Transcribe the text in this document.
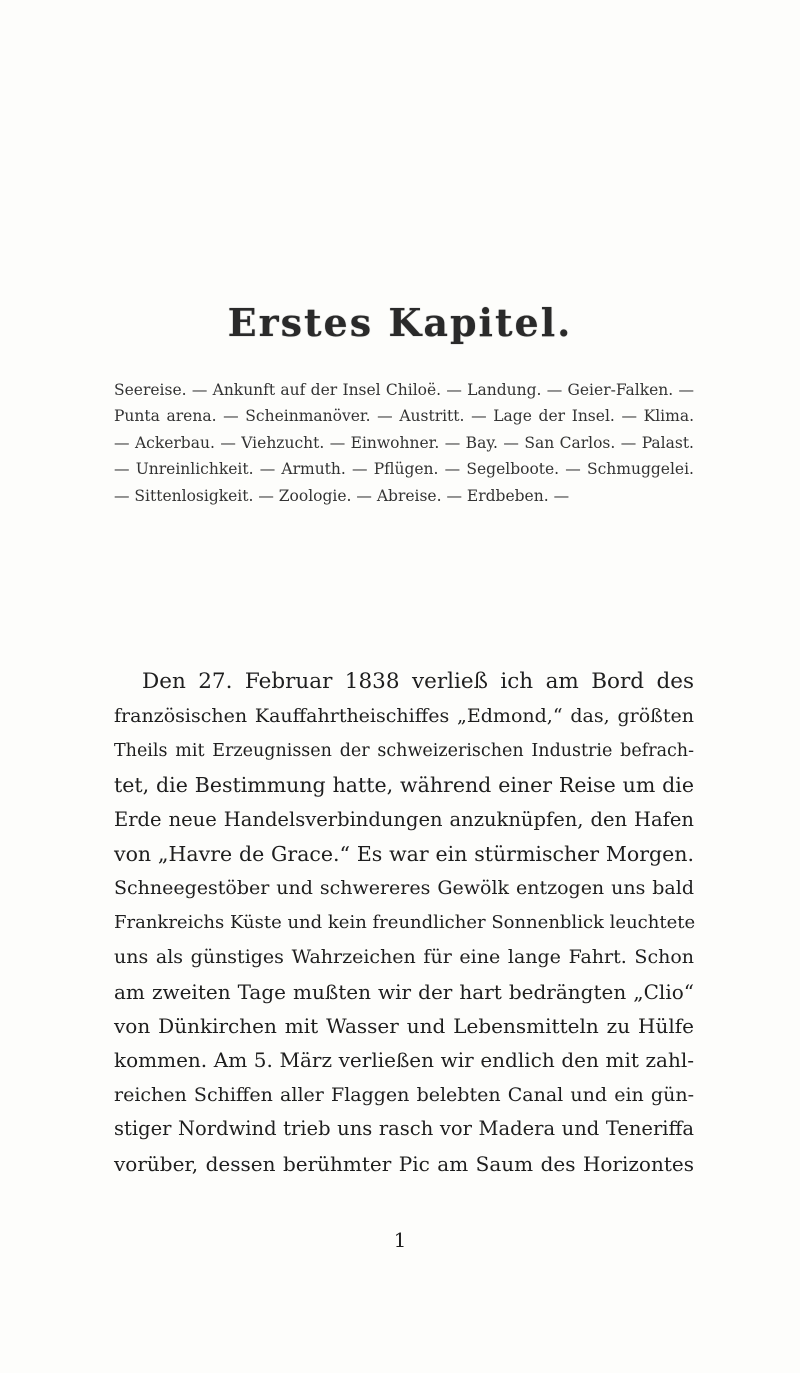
Erstes Kapitel.
Seereise. — Ankunft auf der Insel Chiloë. — Landung. — Geier-Falken. — Punta arena. — Scheinmanöver. — Austritt. — Lage der Insel. — Klima. — Ackerbau. — Viehzucht. — Einwohner. — Bay. — San Carlos. — Palast. — Unreinlichkeit. — Armuth. — Pflügen. — Segelboote. — Schmuggelei. — Sittenlosigkeit. — Zoologie. — Abreise. — Erdbeben. —
Den 27. Februar 1838 verließ ich am Bord des
französischen Kauffahrtheischiffes „Edmond,“ das, größten
Theils mit Erzeugnissen der schweizerischen Industrie befrach-
tet, die Bestimmung hatte, während einer Reise um die
Erde neue Handelsverbindungen anzuknüpfen, den Hafen
von „Havre de Grace.“ Es war ein stürmischer Morgen.
Schneegestöber und schwereres Gewölk entzogen uns bald
Frankreichs Küste und kein freundlicher Sonnenblick leuchtete
uns als günstiges Wahrzeichen für eine lange Fahrt. Schon
am zweiten Tage mußten wir der hart bedrängten „Clio“
von Dünkirchen mit Wasser und Lebensmitteln zu Hülfe
kommen. Am 5. März verließen wir endlich den mit zahl-
reichen Schiffen aller Flaggen belebten Canal und ein gün-
stiger Nordwind trieb uns rasch vor Madera und Teneriffa
vorüber, dessen berühmter Pic am Saum des Horizontes
1
